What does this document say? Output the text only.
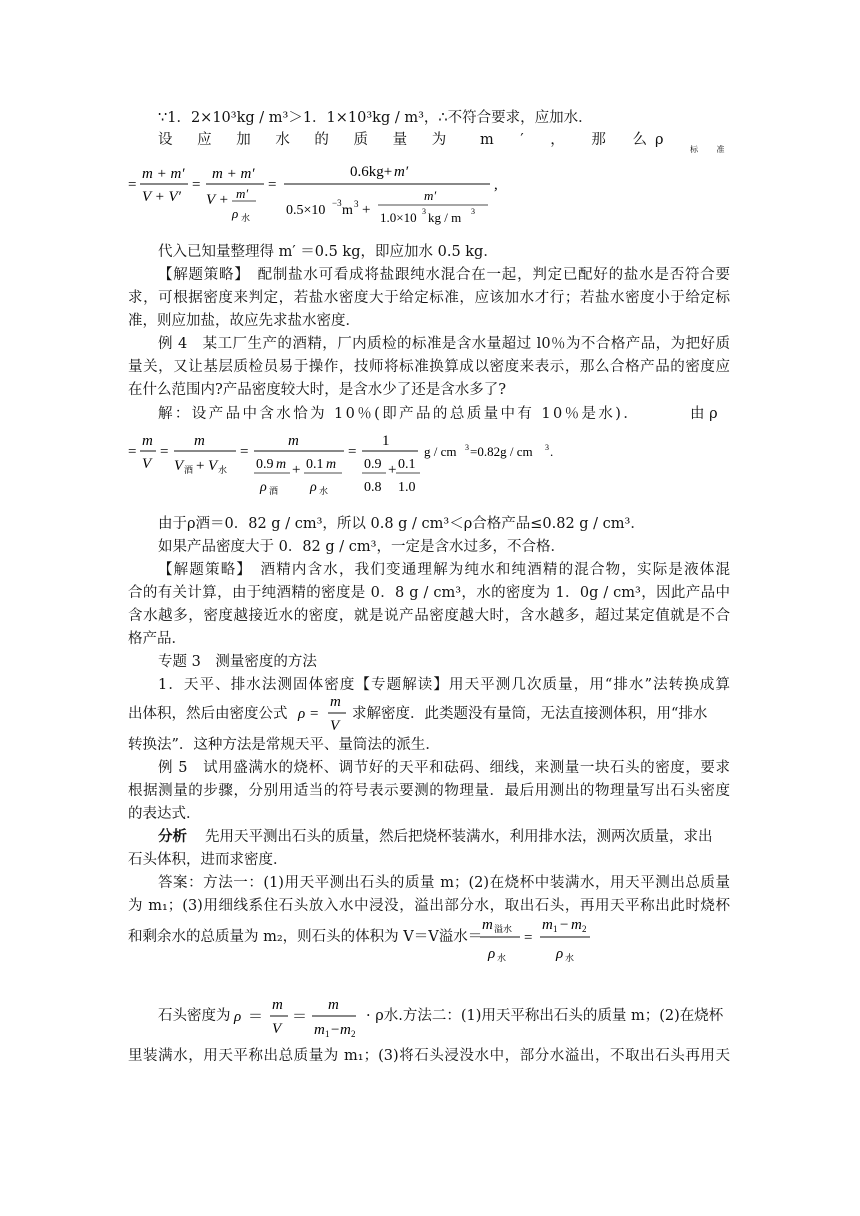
∵1．2×10³kg / m³＞1．1×10³kg / m³，∴不符合要求，应加水．
设 应 加 水 的 质 量 为 m ′ ， 那 么 ρ
标 准
=
m + m′
V + V′
=
m + m′
V + m′
ρ 水
=
0.6kg+ m′
0.5×10 −3 m 3 +
m′
1.0×10 3 kg / m 3
,
代入已知量整理得 m′ ＝0.5 kg，即应加水 0.5 kg．
【解题策略】　配制盐水可看成将盐跟纯水混合在一起，判定已配好的盐水是否符合要
求，可根据密度来判定，若盐水密度大于给定标准，应该加水才行；若盐水密度小于给定标
准，则应加盐，故应先求盐水密度．
例 4　某工厂生产的酒精，厂内质检的标准是含水量超过 l0％为不合格产品，为把好质
量关，又让基层质检员易于操作，技师将标准换算成以密度来表示，那么合格产品的密度应
在什么范围内?产品密度较大时，是含水少了还是含水多了?
解：设产品中含水恰为 10％(即产品的总质量中有 10％是水)．	由 ρ
=
m
V
=
m
V 酒 + V 水
=
m
0.9 m
ρ 酒
+ 0.1 m
ρ 水
=
1
0.9
0.8
+ 0.1
1.0
g / cm 3 =0.82g / cm 3 .
由于ρ酒＝0．82 g / cm³，所以 0.8 g / cm³＜ρ合格产品≤0.82 g / cm³．
如果产品密度大于 0．82 g / cm³，一定是含水过多，不合格．
【解题策略】　酒精内含水，我们变通理解为纯水和纯酒精的混合物，实际是液体混
合的有关计算，由于纯酒精的密度是 0．8 g / cm³，水的密度为 1．0g / cm³，因此产品中
含水越多，密度越接近水的密度，就是说产品密度越大时，含水越多，超过某定值就是不合
格产品．
专题 3　测量密度的方法
1．天平、排水法测固体密度【专题解读】用天平测几次质量，用“排水”法转换成算
出体积，然后由密度公式 ρ =
m
V
求解密度．此类题没有量筒，无法直接测体积，用“排水
转换法”．这种方法是常规天平、量筒法的派生．
例 5　试用盛满水的烧杯、调节好的天平和砝码、细线，来测量一块石头的密度，要求
根据测量的步骤，分别用适当的符号表示要测的物理量．最后用测出的物理量写出石头密度
的表达式．
分析 先用天平测出石头的质量，然后把烧杯装满水，利用排水法，测两次质量，求出
石头体积，进而求密度．
答案：方法一：(1)用天平测出石头的质量 m；(2)在烧杯中装满水，用天平测出总质量
为 m₁；(3)用细线系住石头放入水中浸没，溢出部分水，取出石头，再用天平称出此时烧杯
和剩余水的总质量为 m₂，则石头的体积为 V＝V溢水＝
m 溢水
ρ 水
=
m 1 − m 2
ρ 水
石头密度为 ρ ＝
m
V
＝
m
m 1 − m 2
· ρ水.方法二：(1)用天平称出石头的质量 m；(2)在烧杯
里装满水，用天平称出总质量为 m₁；(3)将石头浸没水中，部分水溢出，不取出石头再用天
